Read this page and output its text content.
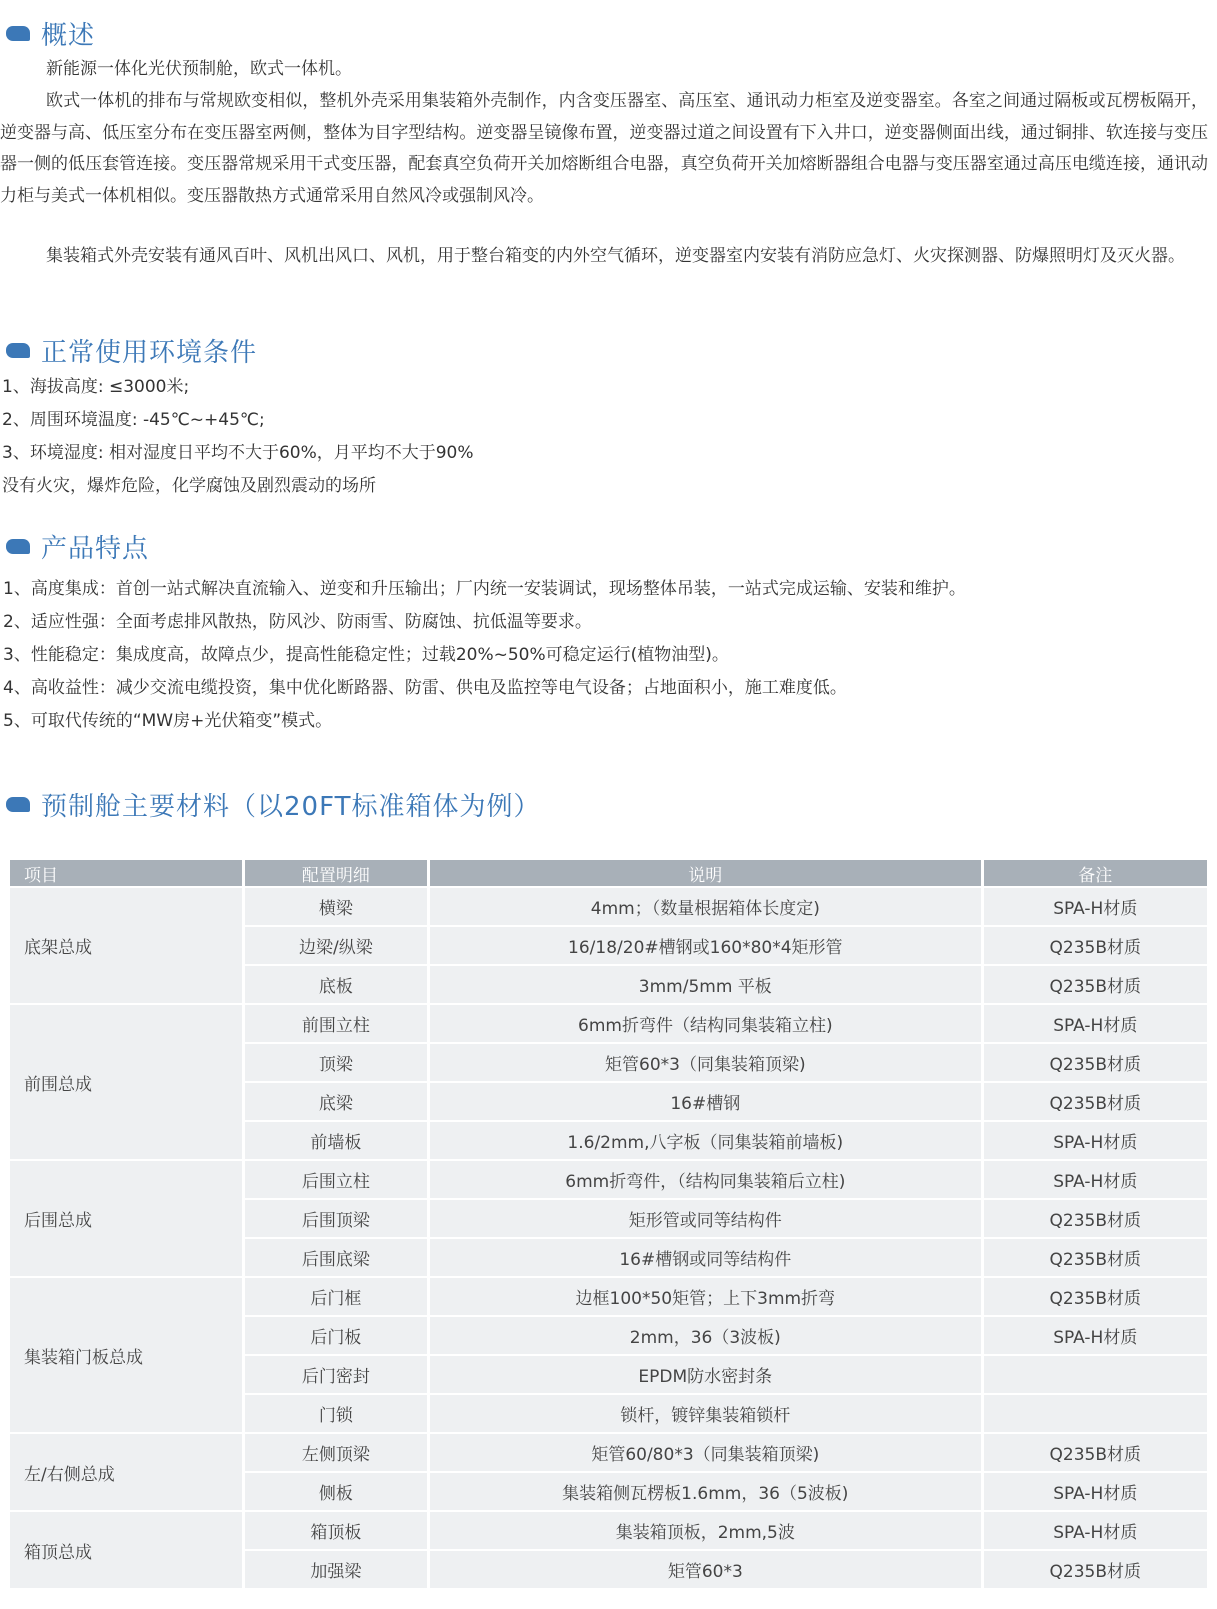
概述

新能源一体化光伏预制舱，欧式一体机。

欧式一体机的排布与常规欧变相似，整机外壳采用集装箱外壳制作，内含变压器室、高压室、通讯动力柜室及逆变器室。各室之间通过隔板或瓦楞板隔开，逆变器与高、低压室分布在变压器室两侧，整体为目字型结构。逆变器呈镜像布置，逆变器过道之间设置有下入井口，逆变器侧面出线，通过铜排、软连接与变压器一侧的低压套管连接。变压器常规采用干式变压器，配套真空负荷开关加熔断组合电器，真空负荷开关加熔断器组合电器与变压器室通过高压电缆连接，通讯动力柜与美式一体机相似。变压器散热方式通常采用自然风冷或强制风冷。

集装箱式外壳安装有通风百叶、风机出风口、风机，用于整台箱变的内外空气循环，逆变器室内安装有消防应急灯、火灾探测器、防爆照明灯及灭火器。

正常使用环境条件
1、海拔高度: ≤3000米;
2、周围环境温度: -45℃~+45℃;
3、环境湿度: 相对湿度日平均不大于60%，月平均不大于90%
没有火灾，爆炸危险，化学腐蚀及剧烈震动的场所
产品特点
1、高度集成：首创一站式解决直流输入、逆变和升压输出；厂内统一安装调试，现场整体吊装，一站式完成运输、安装和维护。
2、适应性强：全面考虑排风散热，防风沙、防雨雪、防腐蚀、抗低温等要求。
3、性能稳定：集成度高，故障点少，提高性能稳定性；过载20%~50%可稳定运行(植物油型)。
4、高收益性：减少交流电缆投资，集中优化断路器、防雷、供电及监控等电气设备；占地面积小，施工难度低。
5、可取代传统的“MW房+光伏箱变”模式。
预制舱主要材料（以20FT标准箱体为例）
项目	配置明细	说明	备注
底架总成	横梁	4mm；（数量根据箱体长度定)	SPA-H材质
	边梁/纵梁	16/18/20#槽钢或160*80*4矩形管	Q235B材质
	底板	3mm/5mm 平板	Q235B材质
前围总成	前围立柱	6mm折弯件（结构同集装箱立柱)	SPA-H材质
	顶梁	矩管60*3（同集装箱顶梁)	Q235B材质
	底梁	16#槽钢	Q235B材质
	前墙板	1.6/2mm,八字板（同集装箱前墙板)	SPA-H材质
后围总成	后围立柱	6mm折弯件，（结构同集装箱后立柱)	SPA-H材质
	后围顶梁	矩形管或同等结构件	Q235B材质
	后围底梁	16#槽钢或同等结构件	Q235B材质
集装箱门板总成	后门框	边框100*50矩管；上下3mm折弯	Q235B材质
	后门板	2mm，36（3波板)	SPA-H材质
	后门密封	EPDM防水密封条	
	门锁	锁杆，镀锌集装箱锁杆	
左/右侧总成	左侧顶梁	矩管60/80*3（同集装箱顶梁)	Q235B材质
	侧板	集装箱侧瓦楞板1.6mm，36（5波板)	SPA-H材质
箱顶总成	箱顶板	集装箱顶板，2mm,5波	SPA-H材质
	加强梁	矩管60*3	Q235B材质
